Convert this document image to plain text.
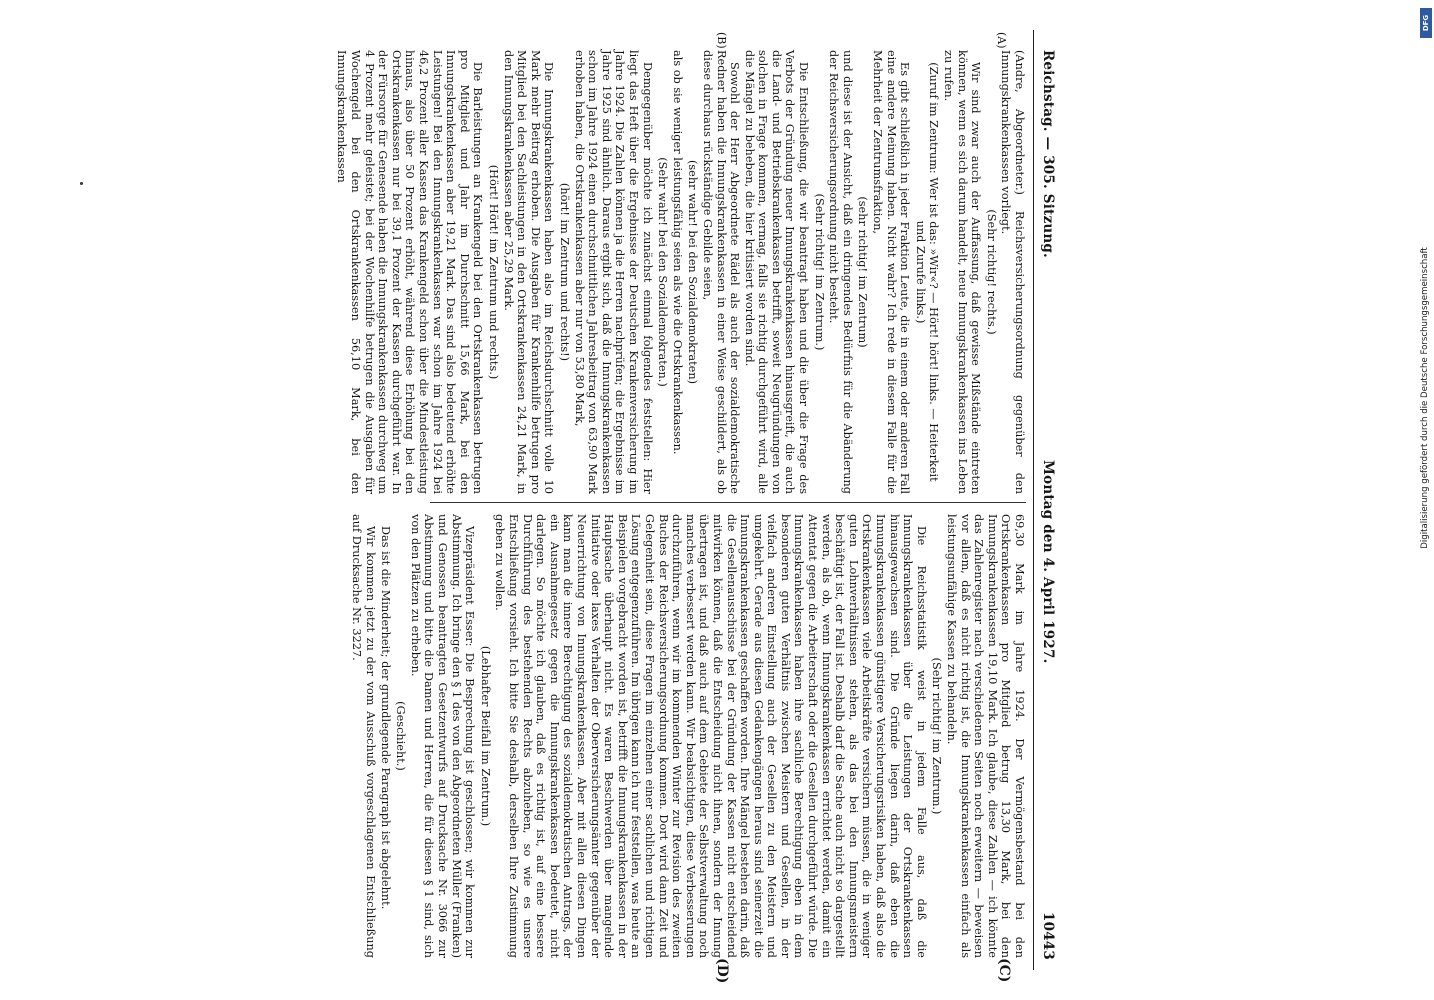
Reichstag. — 305. Sitzung.
Montag den 4. April 1927.
10443
(A)
(B)
(C)
(D)

(Andre, Abgeordneter.) Reichsversicherungsordnung gegenüber den Innungskrankenkassen vorliegt.

(Sehr richtig! rechts.)

Wir sind zwar auch der Auffassung, daß gewisse Mißstände eintreten können, wenn es sich darum handelt, neue Innungskrankenkassen ins Leben zu rufen.

(Zuruf im Zentrum: Wer ist das: »Wir«? — Hört! hört! links. — Heiterkeit und Zurufe links.)

Es gibt schließlich in jeder Fraktion Leute, die in einem oder anderen Fall eine andere Meinung haben. Nicht wahr? Ich rede in diesem Falle für die Mehrheit der Zentrumsfraktion,

(sehr richtig! im Zentrum)

und diese ist der Ansicht, daß ein dringendes Bedürfnis für die Abänderung der Reichsversicherungsordnung nicht besteht.

(Sehr richtig! im Zentrum.)

Die Entschließung, die wir beantragt haben und die über die Frage des Verbots der Gründung neuer Innungskrankenkassen hinausgreift, die auch die Land- und Betriebskrankenkassen betrifft, soweit Neugründungen von solchen in Frage kommen, vermag, falls sie richtig durchgeführt wird, alle die Mängel zu beheben, die hier kritisiert worden sind.

Sowohl der Herr Abgeordnete Rädel als auch der sozialdemokratische Redner haben die Innungskrankenkassen in einer Weise geschildert, als ob diese durchaus rückständige Gebilde seien,

(sehr wahr! bei den Sozialdemokraten)

als ob sie weniger leistungsfähig seien als wie die Ortskrankenkassen.

(Sehr wahr! bei den Sozialdemokraten.)

Demgegenüber möchte ich zunächst einmal folgendes feststellen: Hier liegt das Heft über die Ergebnisse der Deutschen Krankenversicherung im Jahre 1924. Die Zahlen können ja die Herren nachprüfen; die Ergebnisse im Jahre 1925 sind ähnlich. Daraus ergibt sich, daß die Innungskrankenkassen schon im Jahre 1924 einen durchschnittlichen Jahresbeitrag von 63,90 Mark erhoben haben, die Ortskrankenkassen aber nur von 53,80 Mark,

(hört! im Zentrum und rechts!)

Die Innungskrankenkassen haben also im Reichsdurchschnitt volle 10 Mark mehr Beitrag erhoben. Die Ausgaben für Krankenhilfe betrugen pro Mitglied bei den Sachleistungen in den Ortskrankenkassen 24,21 Mark, in den Innungskrankenkassen aber 25,29 Mark.

(Hört! Hört! im Zentrum und rechts.)

Die Barleistungen an Krankengeld bei den Ortskrankenkassen betrugen pro Mitglied und Jahr im Durchschnitt 15,66 Mark, bei den Innungskrankenkassen aber 19,21 Mark. Das sind also bedeutend erhöhte Leistungen! Bei den Innungskrankenkassen war schon im Jahre 1924 bei 46,2 Prozent aller Kassen das Krankengeld schon über die Mindestleistung hinaus, also über 50 Prozent erhöht, während diese Erhöhung bei den Ortskrankenkassen nur bei 39,1 Prozent der Kassen durchgeführt war. In der Fürsorge für Genesende haben die Innungskrankenkassen durchweg um 4 Prozent mehr geleistet; bei der Wochenhilfe betrugen die Ausgaben für Wochengeld bei den Ortskrankenkassen 56,10 Mark, bei den Innungskrankenkassen

69,30 Mark im Jahre 1924. Der Vermögensbestand bei den Ortskrankenkassen pro Mitglied betrug 13,30 Mark, bei den Innungskrankenkassen 19,10 Mark. Ich glaube, diese Zahlen — ich könnte das Zahlenregister nach verschiedenen Seiten noch erweitern — beweisen vor allem, daß es nicht richtig ist, die Innungskrankenkassen einfach als leistungsunfähige Kassen zu behandeln.

(Sehr richtig! im Zentrum.)

Die Reichsstatistik weist in jedem Falle aus, daß die Innungskrankenkassen über die Leistungen der Ortskrankenkassen hinausgewachsen sind. Die Gründe liegen darin, daß eben die Innungskrankenkassen günstigere Versicherungsrisiken haben, daß also die Ortskrankenkassen viele Arbeitskräfte versichern müssen, die in weniger guten Lohnverhältnissen stehen, als das bei den Innungsmeistern beschäftigt ist, der Fall ist. Deshalb darf die Sache auch nicht so dargestellt werden, als ob, wenn Innungskrankenkassen errichtet werden, damit ein Attentat gegen die Arbeiterschaft oder die Gesellen durchgeführt würde. Die Innungskrankenkassen haben ihre sachliche Berechtigung eben in dem besonderen guten Verhältnis zwischen Meistern und Gesellen, in der vielfach anderen Einstellung auch der Gesellen zu den Meistern und umgekehrt. Gerade aus diesen Gedankengängen heraus sind seinerzeit die Innungskrankenkassen geschaffen worden. Ihre Mängel bestehen darin, daß die Gesellenausschüsse bei der Gründung der Kassen nicht entscheidend mitwirken können, daß die Entscheidung nicht ihnen, sondern der Innung übertragen ist, und daß auch auf dem Gebiete der Selbstverwaltung noch manches verbessert werden kann. Wir beabsichtigen, diese Verbesserungen durchzuführen, wenn wir im kommenden Winter zur Revision des zweiten Buches der Reichsversicherungsordnung kommen. Dort wird dann Zeit und Gelegenheit sein, diese Fragen im einzelnen einer sachlichen und richtigen Lösung entgegenzuführen. Im übrigen kann ich nur feststellen, was heute an Beispielen vorgebracht worden ist, betrifft die Innungskrankenkassen in der Hauptsache überhaupt nicht. Es waren Beschwerden über mangelnde Initiative oder laxes Verhalten der Oberversicherungsämter gegenüber der Neuerrichtung von Innungskrankenkassen. Aber mit allen diesen Dingen kann man die innere Berechtigung des sozialdemokratischen Antrags, der ein Ausnahmegesetz gegen die Innungskrankenkassen bedeutet, nicht darlegen. So möchte ich glauben, daß es richtig ist, auf eine bessere Durchführung des bestehenden Rechts abzuheben, so wie es unsere Entschließung vorsieht. Ich bitte Sie deshalb, derselben Ihre Zustimmung geben zu wollen.

(Lebhafter Beifall im Zentrum.)

Vizepräsident Esser: Die Besprechung ist geschlossen; wir kommen zur Abstimmung. Ich bringe den § 1 des von den Abgeordneten Müller (Franken) und Genossen beantragten Gesetzentwurfs auf Drucksache Nr. 3066 zur Abstimmung und bitte die Damen und Herren, die für diesen § 1 sind, sich von den Plätzen zu erheben.

(Geschieht.)

Das ist die Minderheit; der grundlegende Paragraph ist abgelehnt.

Wir kommen jetzt zu der vom Ausschuß vorgeschlagenen Entschließung auf Drucksache Nr. 3227.

DFG
Digitalisierung gefördert durch die Deutsche Forschungsgemeinschaft
